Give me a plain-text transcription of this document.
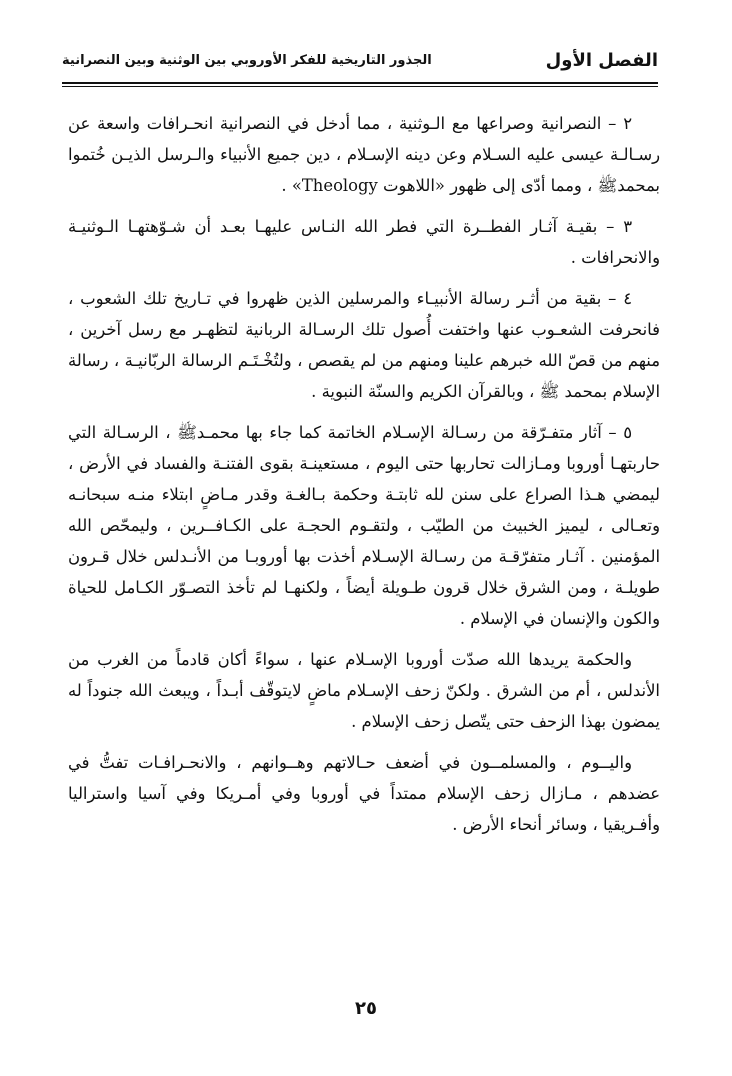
الفصل الأول
الجذور التاريخية للفكر الأوروبي بين الوثنية وبين النصرانية

٢ – النصرانية وصراعها مع الـوثنية ، مما أدخل في النصرانية انحـرافات واسعة عن رسـالـة عيسى عليه السـلام وعن دينه الإسـلام ، دين جميع الأنبياء والـرسل الذيـن خُتموا بمحمدﷺ ، ومما أدّى إلى ظهور «اللاهوت Theology» .

٣ – بقيـة آثـار الفطــرة التي فطر الله النـاس عليهـا بعـد أن شـوّهتهـا الـوثنيـة والانحرافات .

٤ – بقية من أثـر رسالة الأنبيـاء والمرسلين الذين ظهروا في تـاريخ تلك الشعوب ، فانحرفت الشعـوب عنها واختفت أُصول تلك الرسـالة الربانية لتظهـر مع رسل آخرين ، منهم من قصّ الله خبرهم علينا ومنهم من لم يقصص ، ولتُخْـتَـم الرسالة الربّانيـة ، رسالة الإسلام بمحمد ﷺ ، وبالقرآن الكريم والسنّة النبوية .

٥ – آثار متفـرّقة من رسـالة الإسـلام الخاتمة كما جاء بها محمـدﷺ ، الرسـالة التي حاربتهـا أوروبا ومـازالت تحاربها حتى اليوم ، مستعينـة بقوى الفتنـة والفساد في الأرض ، ليمضي هـذا الصراع على سنن لله ثابتـة وحكمة بـالغـة وقدر مـاضٍ ابتلاء منـه سبحانـه وتعـالى ، ليميز الخبيث من الطيّب ، ولتقـوم الحجـة على الكـافــرين ، وليمحّص الله المؤمنين . آثـار متفرّقـة من رسـالة الإسـلام أخذت بها أوروبـا من الأنـدلس خلال قـرون طويلـة ، ومن الشرق خلال قرون طـويلة أيضاً ، ولكنهـا لم تأخذ التصـوّر الكـامل للحياة والكون والإنسان في الإسلام .

والحكمة يريدها الله صدّت أوروبا الإسـلام عنها ، سواءً أكان قادماً من الغرب من الأندلس ، أم من الشرق . ولكنّ زحف الإسـلام ماضٍ لايتوقّف أبـداً ، ويبعث الله جنوداً له يمضون بهذا الزحف حتى يتّصل زحف الإسلام .

واليــوم ، والمسلمــون في أضعف حـالاتهم وهــوانهم ، والانحـرافـات تفتُّ في عضدهم ، مـازال زحف الإسلام ممتداً في أوروبا وفي أمـريكا وفي آسيا واستراليا وأفـريقيا ، وسائر أنحاء الأرض .

٢٥
